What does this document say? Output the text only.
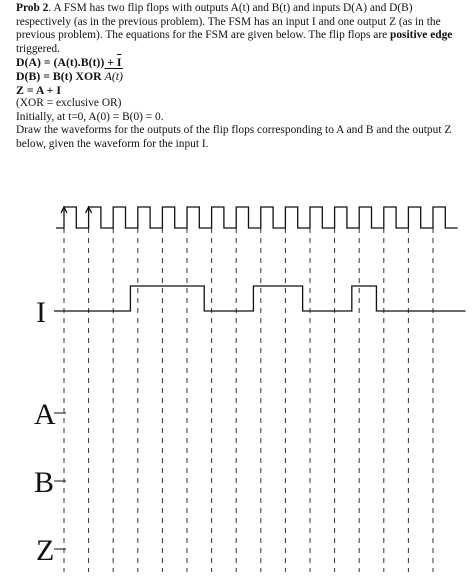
Prob 2. A FSM has two flip flops with outputs A(t) and B(t) and inputs D(A) and D(B) respectively (as in the previous problem). The FSM has an input I and one output Z (as in the previous problem). The equations for the FSM are given below. The flip flops are positive edge triggered.

$D(A) = (A(t).B(t)) + \overline{I}$

D(B) = B(t) XOR A(t)

Z = A + I

(XOR = exclusive OR)

Initially, at t=0, A(0) = B(0) = 0.

Draw the waveforms for the outputs of the flip flops corresponding to A and B and the output Z below, given the waveform for the input I.

I
A
B
Z
